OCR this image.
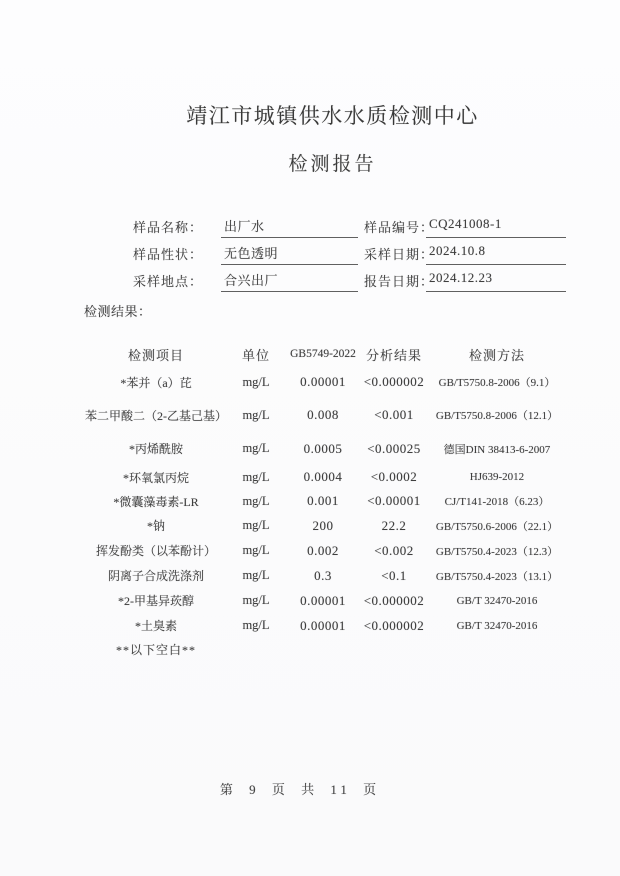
靖江市城镇供水水质检测中心
检测报告
样品名称： 出厂水	样品编号：
CQ241008-1
样品性状： 无色透明	采样日期：
2024.10.8
采样地点： 合兴出厂	报告日期：
2024.12.23
检测结果：
检测项目	单位	GB5749-2022	分析结果	检测方法
*苯并（a）芘	mg/L	0.00001	<0.000002	GB/T5750.8-2006（9.1）
苯二甲酸二（2-乙基己基）	mg/L	0.008	<0.001	GB/T5750.8-2006（12.1）
*丙烯酰胺	mg/L	0.0005	<0.00025	德国DIN 38413-6-2007
*环氧氯丙烷	mg/L	0.0004	<0.0002	HJ639-2012
*微囊藻毒素-LR	mg/L	0.001	<0.00001	CJ/T141-2018（6.23）
*钠	mg/L	200	22.2	GB/T5750.6-2006（22.1）
挥发酚类（以苯酚计）	mg/L	0.002	<0.002	GB/T5750.4-2023（12.3）
阴离子合成洗涤剂	mg/L	0.3	<0.1	GB/T5750.4-2023（13.1）
*2-甲基异莰醇	mg/L	0.00001	<0.000002	GB/T 32470-2016
*土臭素	mg/L	0.00001	<0.000002	GB/T 32470-2016
**以下空白**
第 9 页 共 11 页
